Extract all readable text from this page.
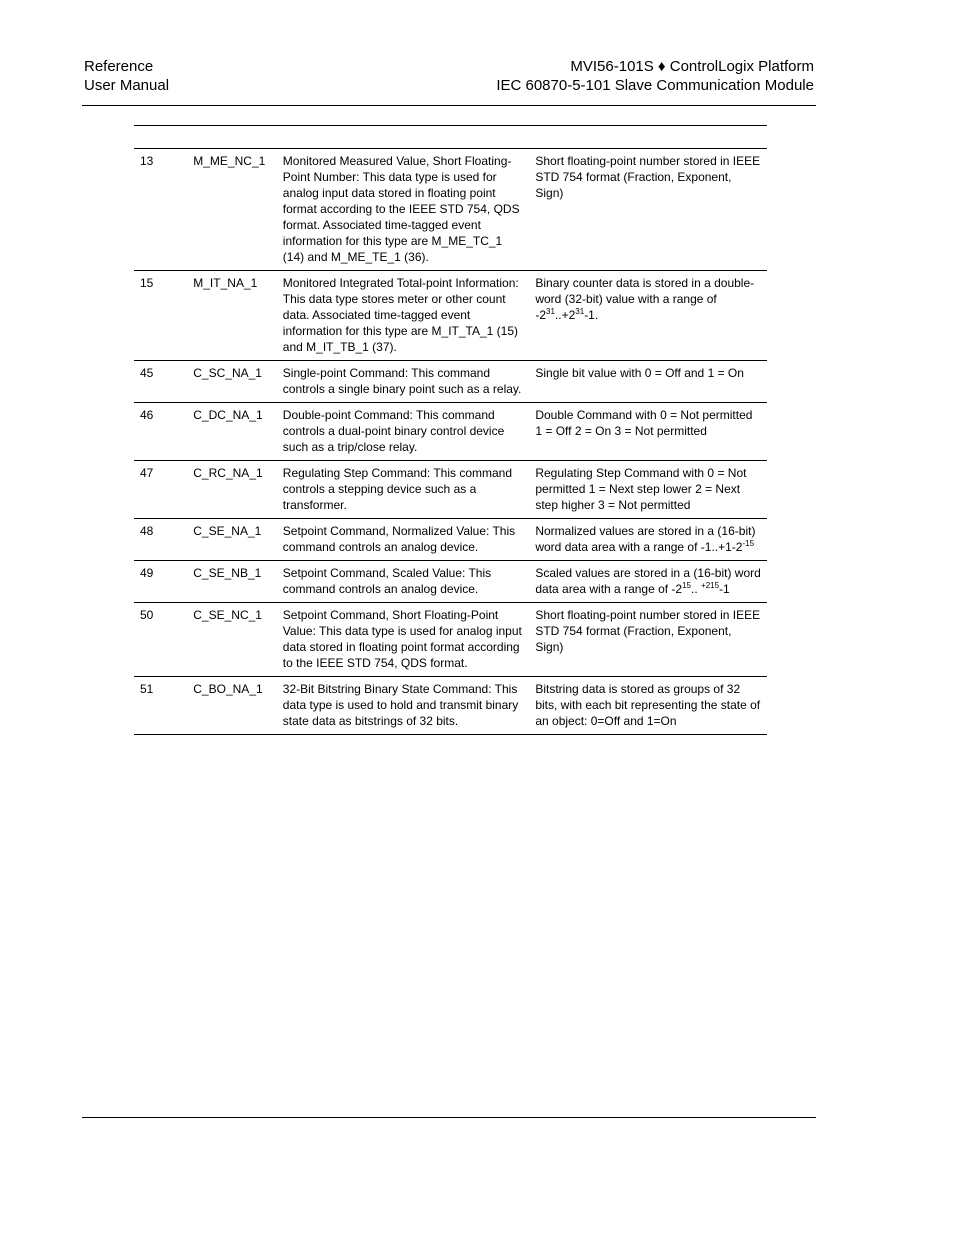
Reference
User Manual
MVI56-101S ♦ ControlLogix Platform
IEC 60870-5-101 Slave Communication Module
13	M_ME_NC_1	Monitored Measured Value, Short Floating-Point Number: This data type is used for analog input data stored in floating point format according to the IEEE STD 754, QDS format. Associated time-tagged event information for this type are M_ME_TC_1 (14) and M_ME_TE_1 (36).	Short floating-point number stored in IEEE STD 754 format (Fraction, Exponent, Sign)
15	M_IT_NA_1	Monitored Integrated Total-point Information: This data type stores meter or other count data. Associated time-tagged event information for this type are M_IT_TA_1 (15) and M_IT_TB_1 (37).	Binary counter data is stored in a double-word (32-bit) value with a range of $-2^{31}..+2^{31}-1$.
45	C_SC_NA_1	Single-point Command: This command controls a single binary point such as a relay.	Single bit value with 0 = Off and 1 = On
46	C_DC_NA_1	Double-point Command: This command controls a dual-point binary control device such as a trip/close relay.	Double Command with 0 = Not permitted 1 = Off 2 = On 3 = Not permitted
47	C_RC_NA_1	Regulating Step Command: This command controls a stepping device such as a transformer.	Regulating Step Command with 0 = Not permitted 1 = Next step lower 2 = Next step higher 3 = Not permitted
48	C_SE_NA_1	Setpoint Command, Normalized Value: This command controls an analog device.	Normalized values are stored in a (16-bit) word data area with a range of $-1..+1-2^{-15}$
49	C_SE_NB_1	Setpoint Command, Scaled Value: This command controls an analog device.	Scaled values are stored in a (16-bit) word data area with a range of $-2^{15}$.. $^{+215}$-1
50	C_SE_NC_1	Setpoint Command, Short Floating-Point Value: This data type is used for analog input data stored in floating point format according to the IEEE STD 754, QDS format.	Short floating-point number stored in IEEE STD 754 format (Fraction, Exponent, Sign)
51	C_BO_NA_1	32-Bit Bitstring Binary State Command: This data type is used to hold and transmit binary state data as bitstrings of 32 bits.	Bitstring data is stored as groups of 32 bits, with each bit representing the state of an object: 0=Off and 1=On
